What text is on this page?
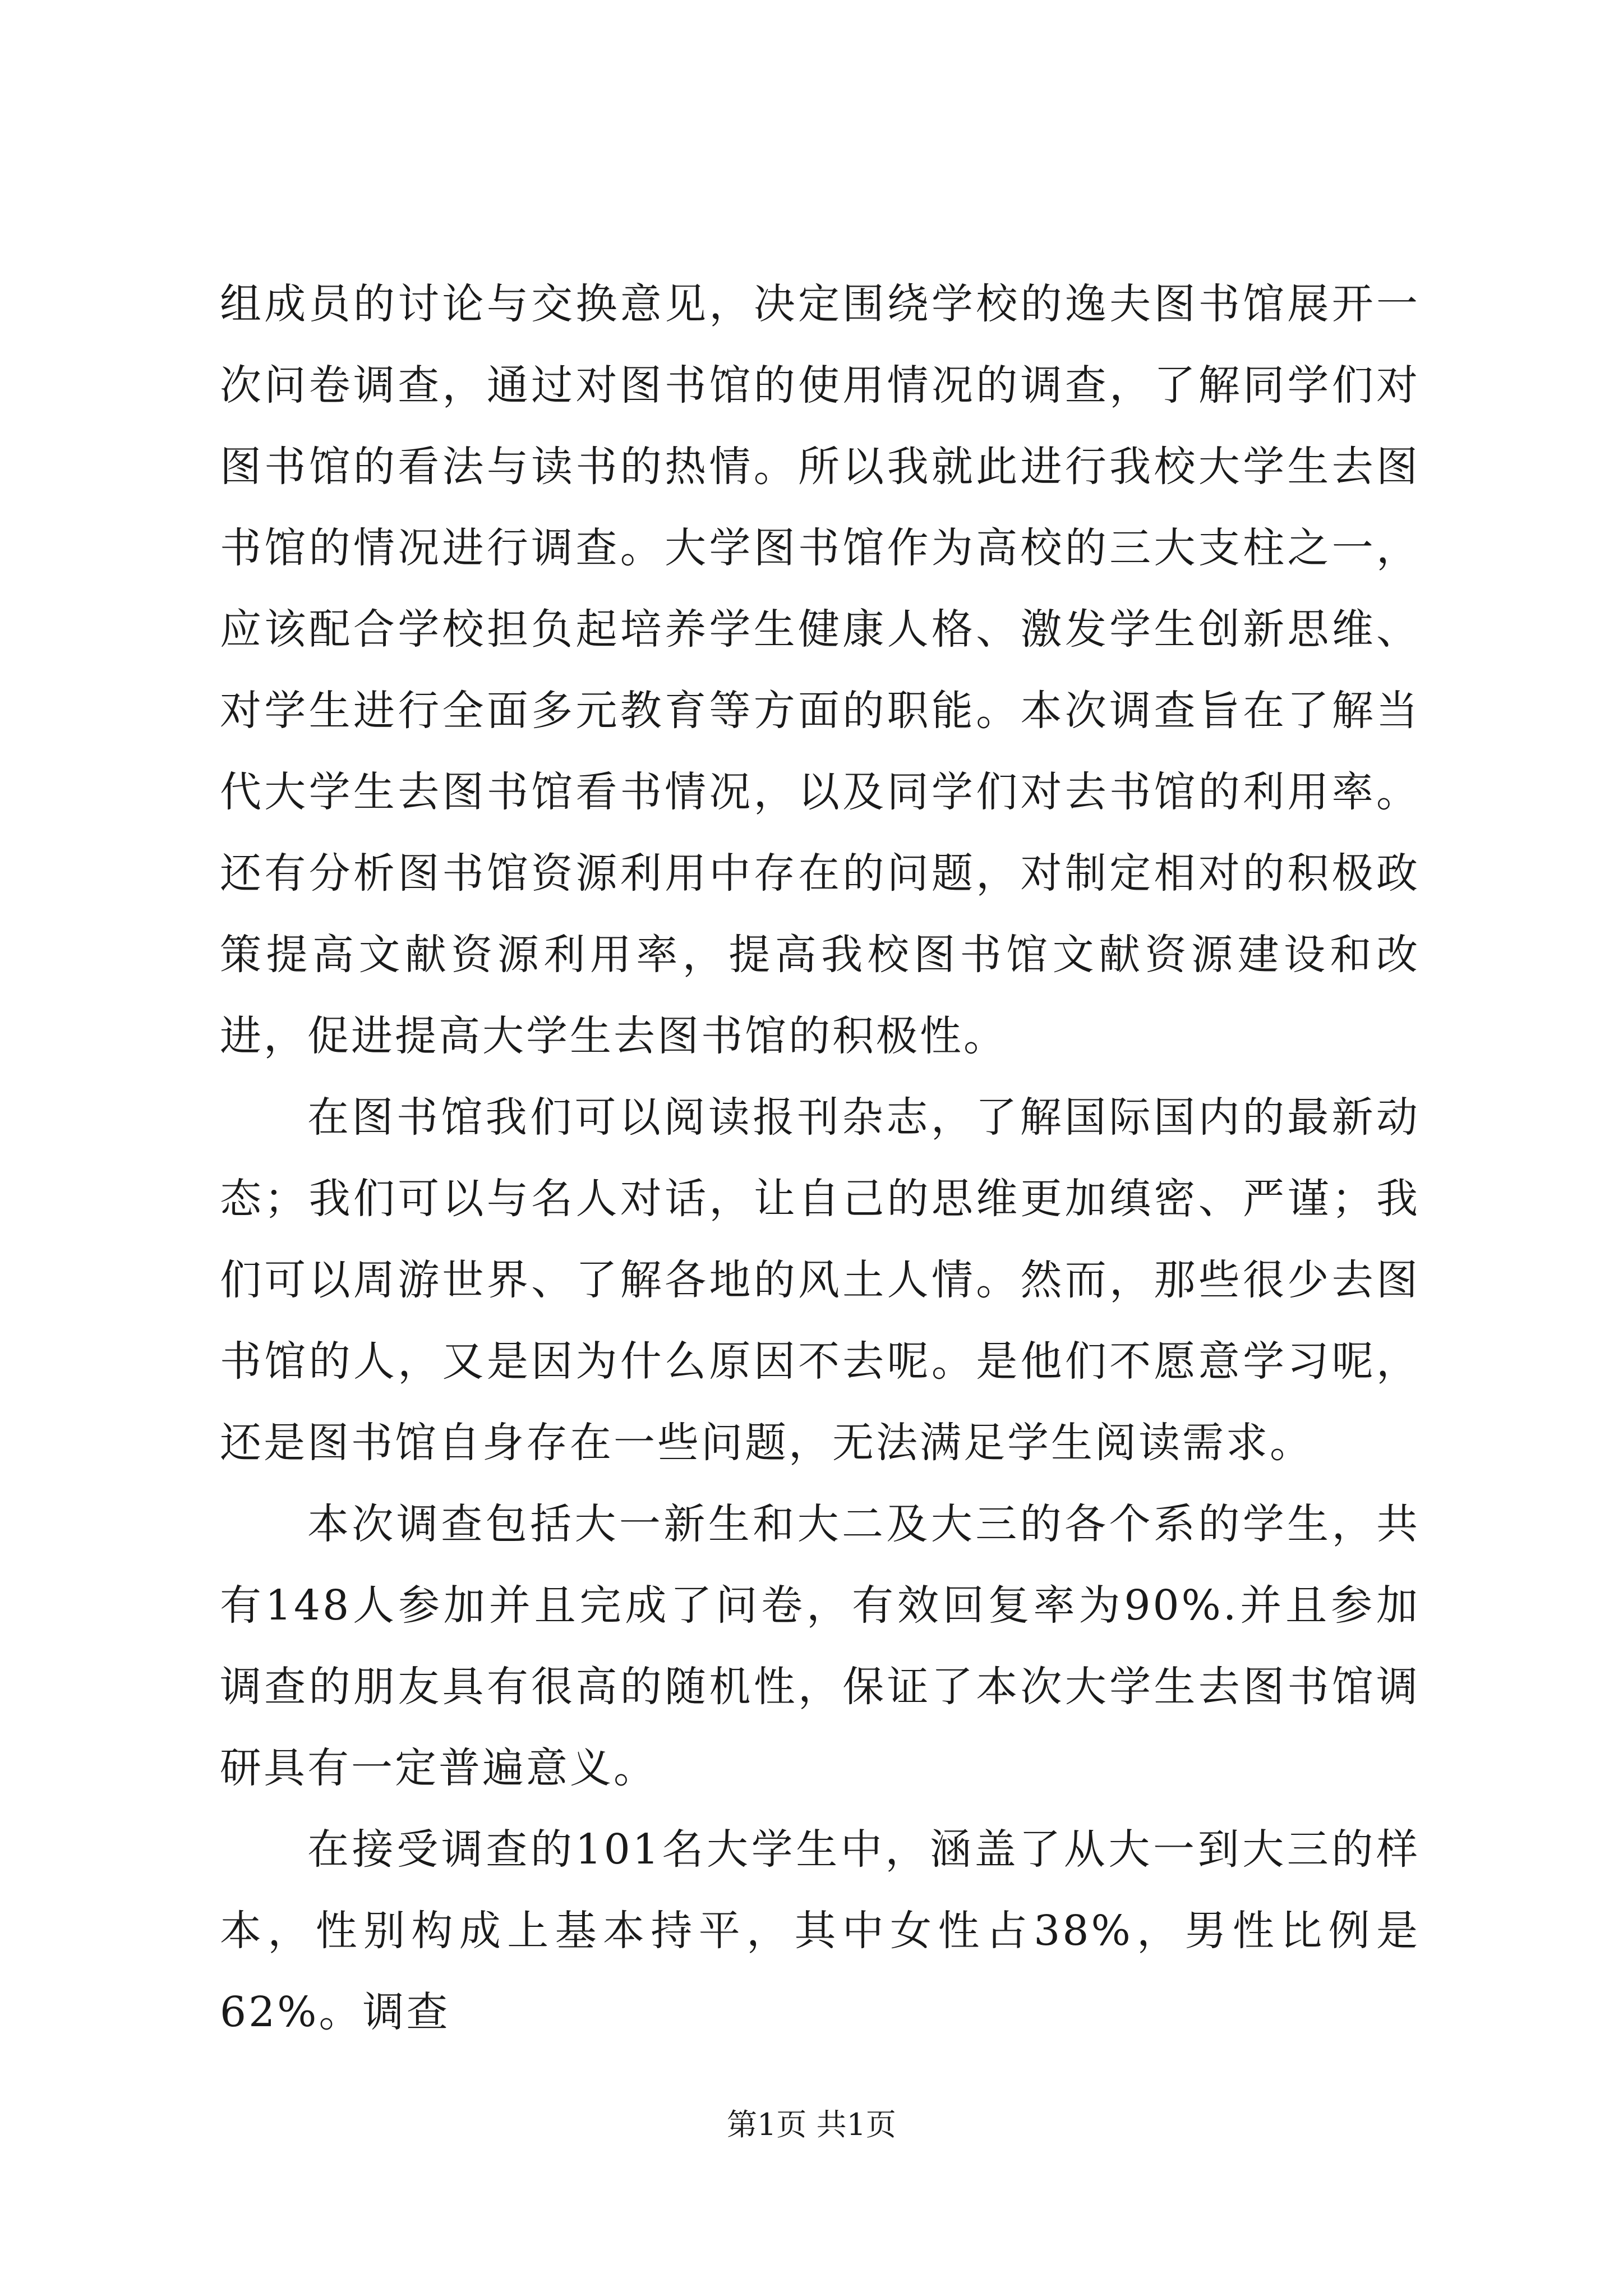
组成员的讨论与交换意见，决定围绕学校的逸夫图书馆展开一次问卷调查，通过对图书馆的使用情况的调查，了解同学们对图书馆的看法与读书的热情。所以我就此进行我校大学生去图书馆的情况进行调查。大学图书馆作为高校的三大支柱之一，应该配合学校担负起培养学生健康人格、激发学生创新思维、对学生进行全面多元教育等方面的职能。本次调查旨在了解当代大学生去图书馆看书情况，以及同学们对去书馆的利用率。还有分析图书馆资源利用中存在的问题，对制定相对的积极政策提高文献资源利用率，提高我校图书馆文献资源建设和改进，促进提高大学生去图书馆的积极性。

在图书馆我们可以阅读报刊杂志，了解国际国内的最新动态；我们可以与名人对话，让自己的思维更加缜密、严谨；我们可以周游世界、了解各地的风土人情。然而，那些很少去图书馆的人，又是因为什么原因不去呢。是他们不愿意学习呢，还是图书馆自身存在一些问题，无法满足学生阅读需求。

本次调查包括大一新生和大二及大三的各个系的学生，共有148人参加并且完成了问卷，有效回复率为90%.并且参加调查的朋友具有很高的随机性，保证了本次大学生去图书馆调研具有一定普遍意义。

在接受调查的101名大学生中，涵盖了从大一到大三的样本，性别构成上基本持平，其中女性占38%，男性比例是62%。调查

第1页 共1页
